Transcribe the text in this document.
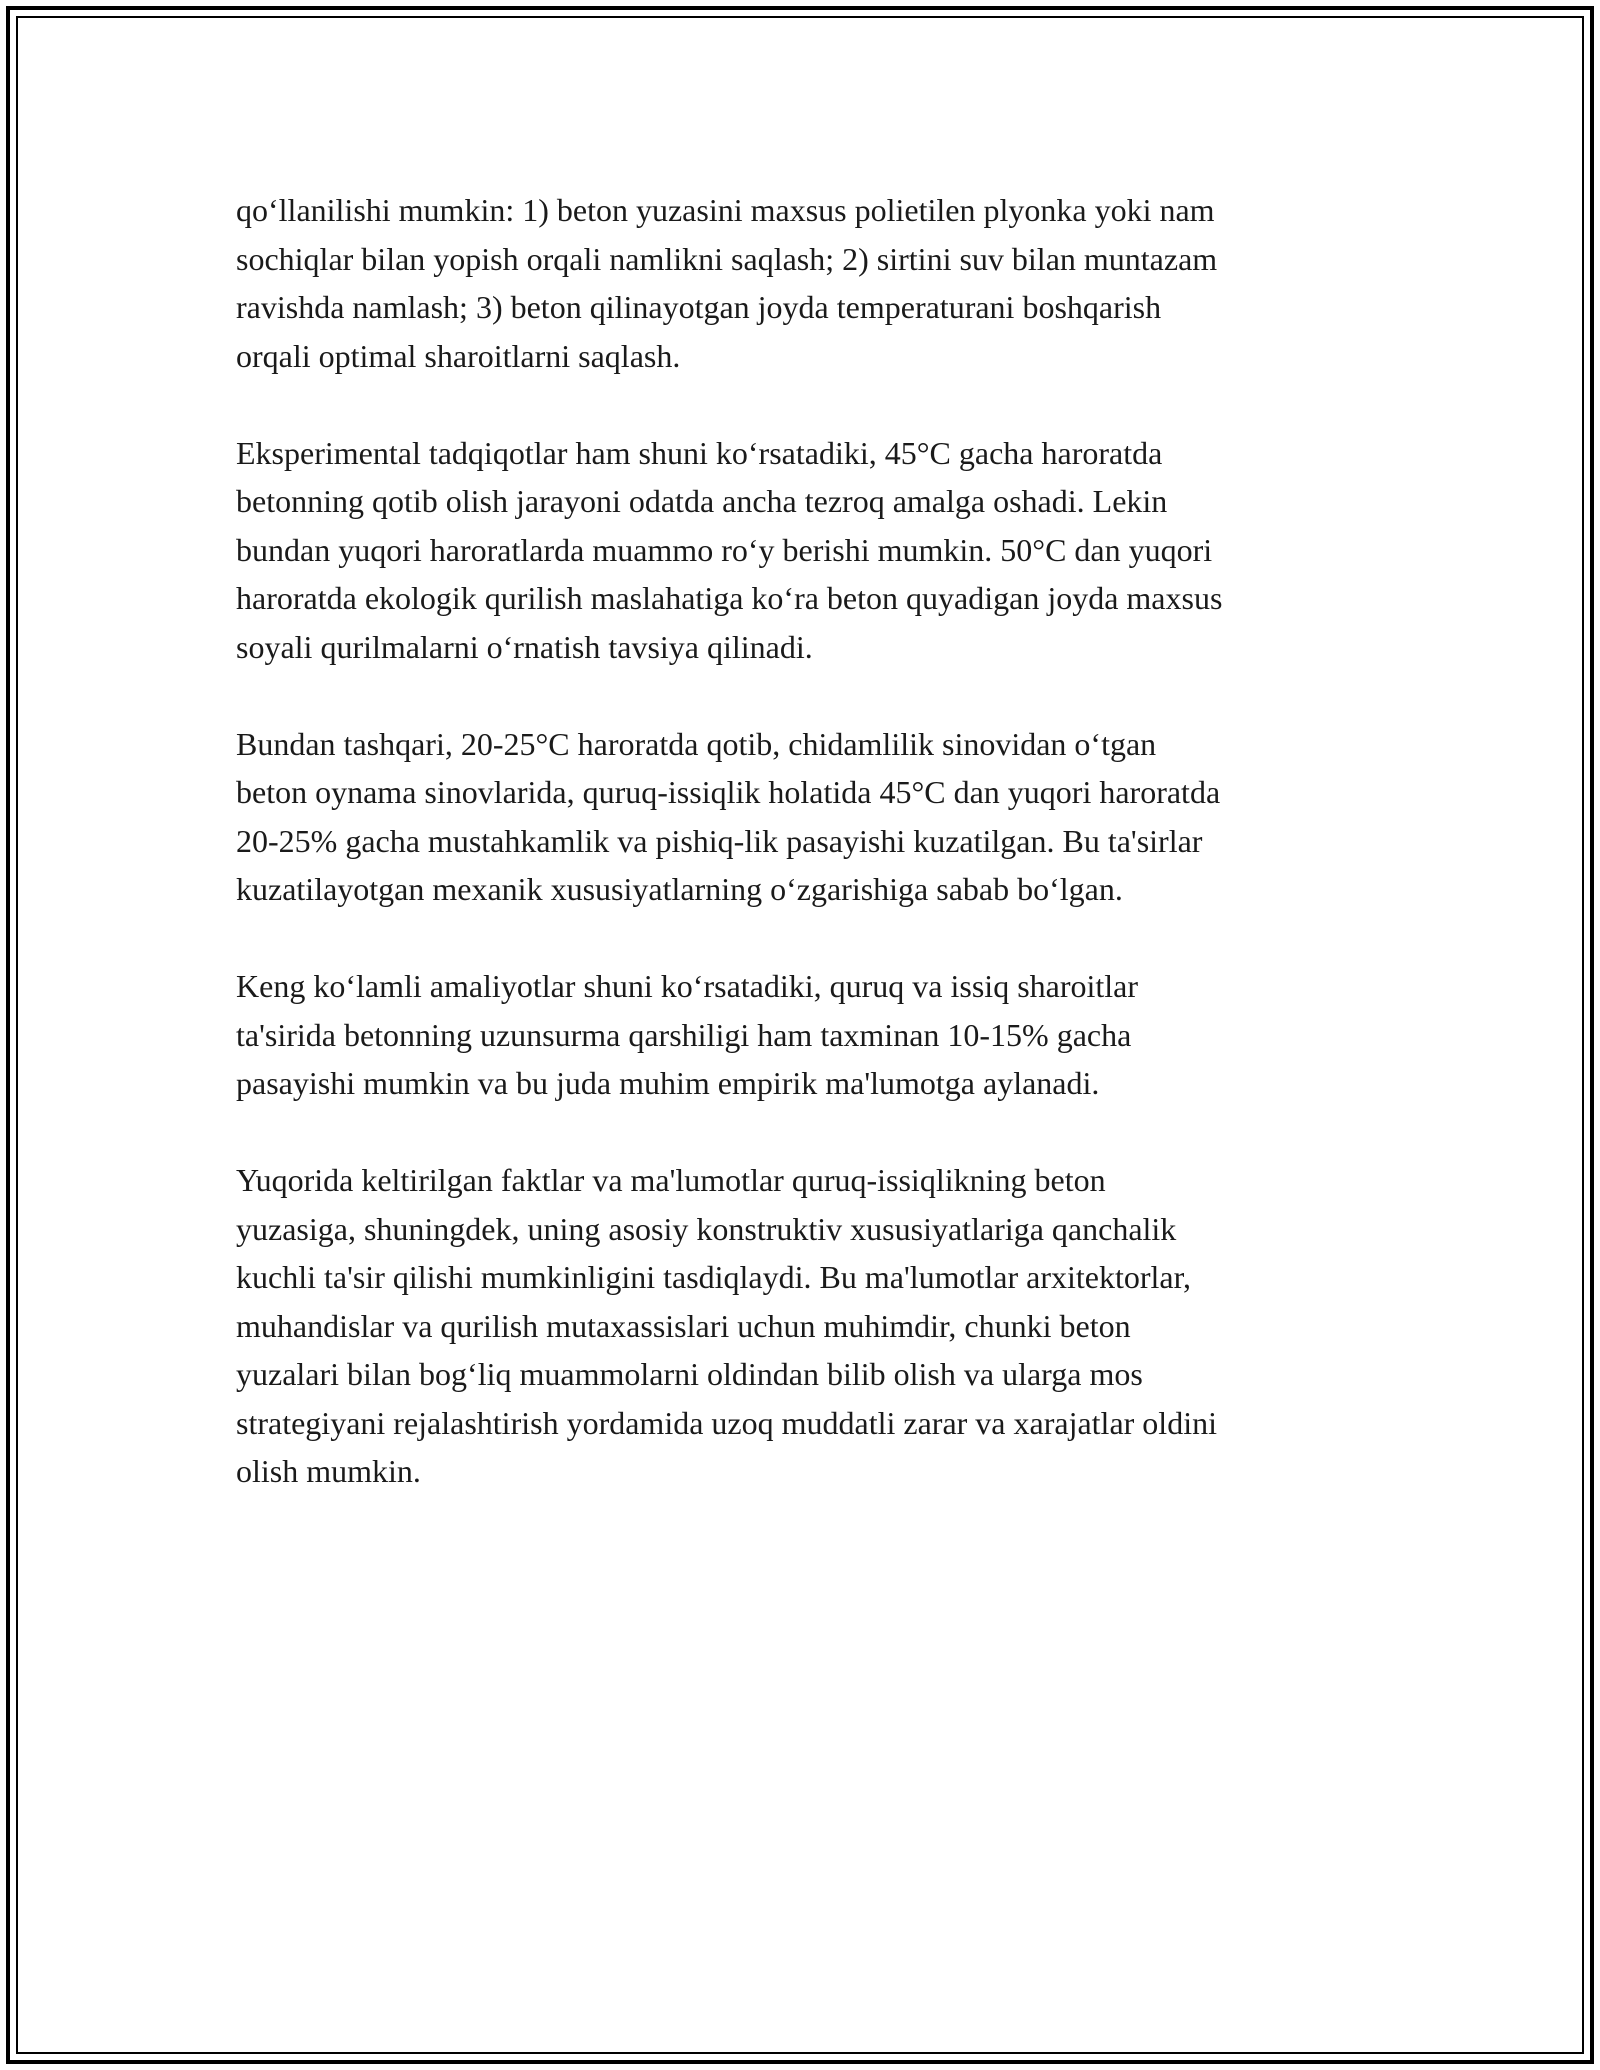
qo‘llanilishi mumkin: 1) beton yuzasini maxsus polietilen plyonka yoki nam
sochiqlar bilan yopish orqali namlikni saqlash; 2) sirtini suv bilan muntazam
ravishda namlash; 3) beton qilinayotgan joyda temperaturani boshqarish
orqali optimal sharoitlarni saqlash.

Eksperimental tadqiqotlar ham shuni ko‘rsatadiki, 45°C gacha haroratda
betonning qotib olish jarayoni odatda ancha tezroq amalga oshadi. Lekin
bundan yuqori haroratlarda muammo ro‘y berishi mumkin. 50°C dan yuqori
haroratda ekologik qurilish maslahatiga ko‘ra beton quyadigan joyda maxsus
soyali qurilmalarni o‘rnatish tavsiya qilinadi.

Bundan tashqari, 20-25°C haroratda qotib, chidamlilik sinovidan o‘tgan
beton oynama sinovlarida, quruq-issiqlik holatida 45°C dan yuqori haroratda
20-25% gacha mustahkamlik va pishiq-lik pasayishi kuzatilgan. Bu ta'sirlar
kuzatilayotgan mexanik xususiyatlarning o‘zgarishiga sabab bo‘lgan.

Keng ko‘lamli amaliyotlar shuni ko‘rsatadiki, quruq va issiq sharoitlar
ta'sirida betonning uzunsurma qarshiligi ham taxminan 10-15% gacha
pasayishi mumkin va bu juda muhim empirik ma'lumotga aylanadi.

Yuqorida keltirilgan faktlar va ma'lumotlar quruq-issiqlikning beton
yuzasiga, shuningdek, uning asosiy konstruktiv xususiyatlariga qanchalik
kuchli ta'sir qilishi mumkinligini tasdiqlaydi. Bu ma'lumotlar arxitektorlar,
muhandislar va qurilish mutaxassislari uchun muhimdir, chunki beton
yuzalari bilan bog‘liq muammolarni oldindan bilib olish va ularga mos
strategiyani rejalashtirish yordamida uzoq muddatli zarar va xarajatlar oldini
olish mumkin.
